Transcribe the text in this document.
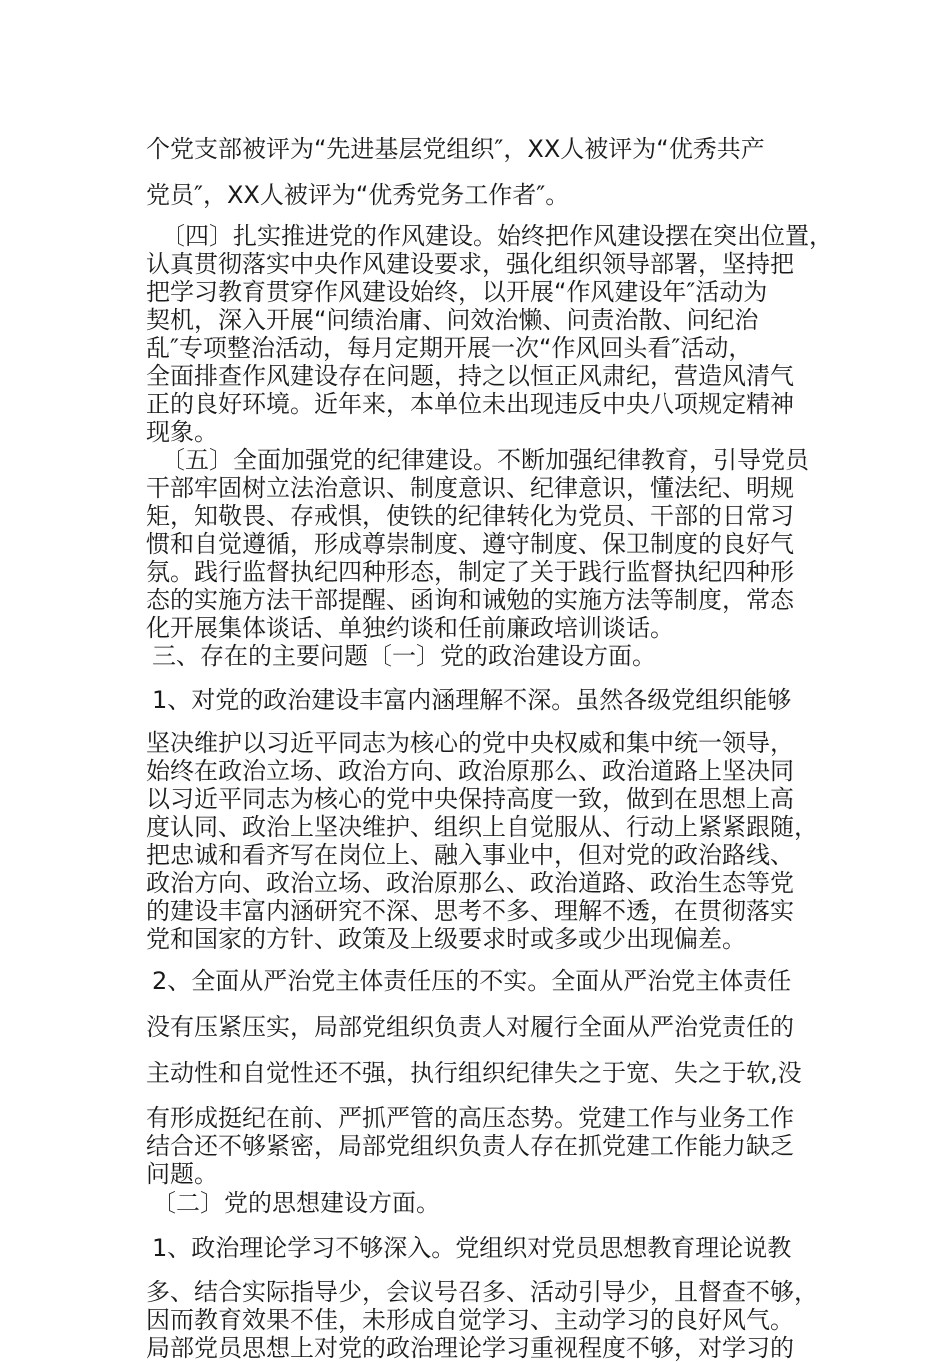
个党支部被评为“先进基层党组织″，XX人被评为“优秀共产
党员″，XX人被评为“优秀党务工作者″。
〔四〕扎实推进党的作风建设。始终把作风建设摆在突出位置，
认真贯彻落实中央作风建设要求，强化组织领导部署，坚持把
把学习教育贯穿作风建设始终，以开展“作风建设年″活动为
契机，深入开展“问绩治庸、问效治懒、问责治散、问纪治
乱″专项整治活动，每月定期开展一次“作风回头看″活动，
全面排查作风建设存在问题，持之以恒正风肃纪，营造风清气
正的良好环境。近年来，本单位未出现违反中央八项规定精神
现象。
〔五〕全面加强党的纪律建设。不断加强纪律教育，引导党员
干部牢固树立法治意识、制度意识、纪律意识，懂法纪、明规
矩，知敬畏、存戒惧，使铁的纪律转化为党员、干部的日常习
惯和自觉遵循，形成尊崇制度、遵守制度、保卫制度的良好气
氛。践行监督执纪四种形态，制定了关于践行监督执纪四种形
态的实施方法干部提醒、函询和诫勉的实施方法等制度，常态
化开展集体谈话、单独约谈和任前廉政培训谈话。
三、存在的主要问题〔一〕党的政治建设方面。
1、对党的政治建设丰富内涵理解不深。虽然各级党组织能够
坚决维护以习近平同志为核心的党中央权威和集中统一领导，
始终在政治立场、政治方向、政治原那么、政治道路上坚决同
以习近平同志为核心的党中央保持高度一致，做到在思想上高
度认同、政治上坚决维护、组织上自觉服从、行动上紧紧跟随，
把忠诚和看齐写在岗位上、融入事业中，但对党的政治路线、
政治方向、政治立场、政治原那么、政治道路、政治生态等党
的建设丰富内涵研究不深、思考不多、理解不透，在贯彻落实
党和国家的方针、政策及上级要求时或多或少出现偏差。
2、全面从严治党主体责任压的不实。全面从严治党主体责任
没有压紧压实，局部党组织负责人对履行全面从严治党责任的
主动性和自觉性还不强，执行组织纪律失之于宽、失之于软,没
有形成挺纪在前、严抓严管的高压态势。党建工作与业务工作
结合还不够紧密，局部党组织负责人存在抓党建工作能力缺乏
问题。
〔二〕党的思想建设方面。
1、政治理论学习不够深入。党组织对党员思想教育理论说教
多、结合实际指导少，会议号召多、活动引导少，且督查不够，
因而教育效果不佳，未形成自觉学习、主动学习的良好风气。
局部党员思想上对党的政治理论学习重视程度不够，对学习的
